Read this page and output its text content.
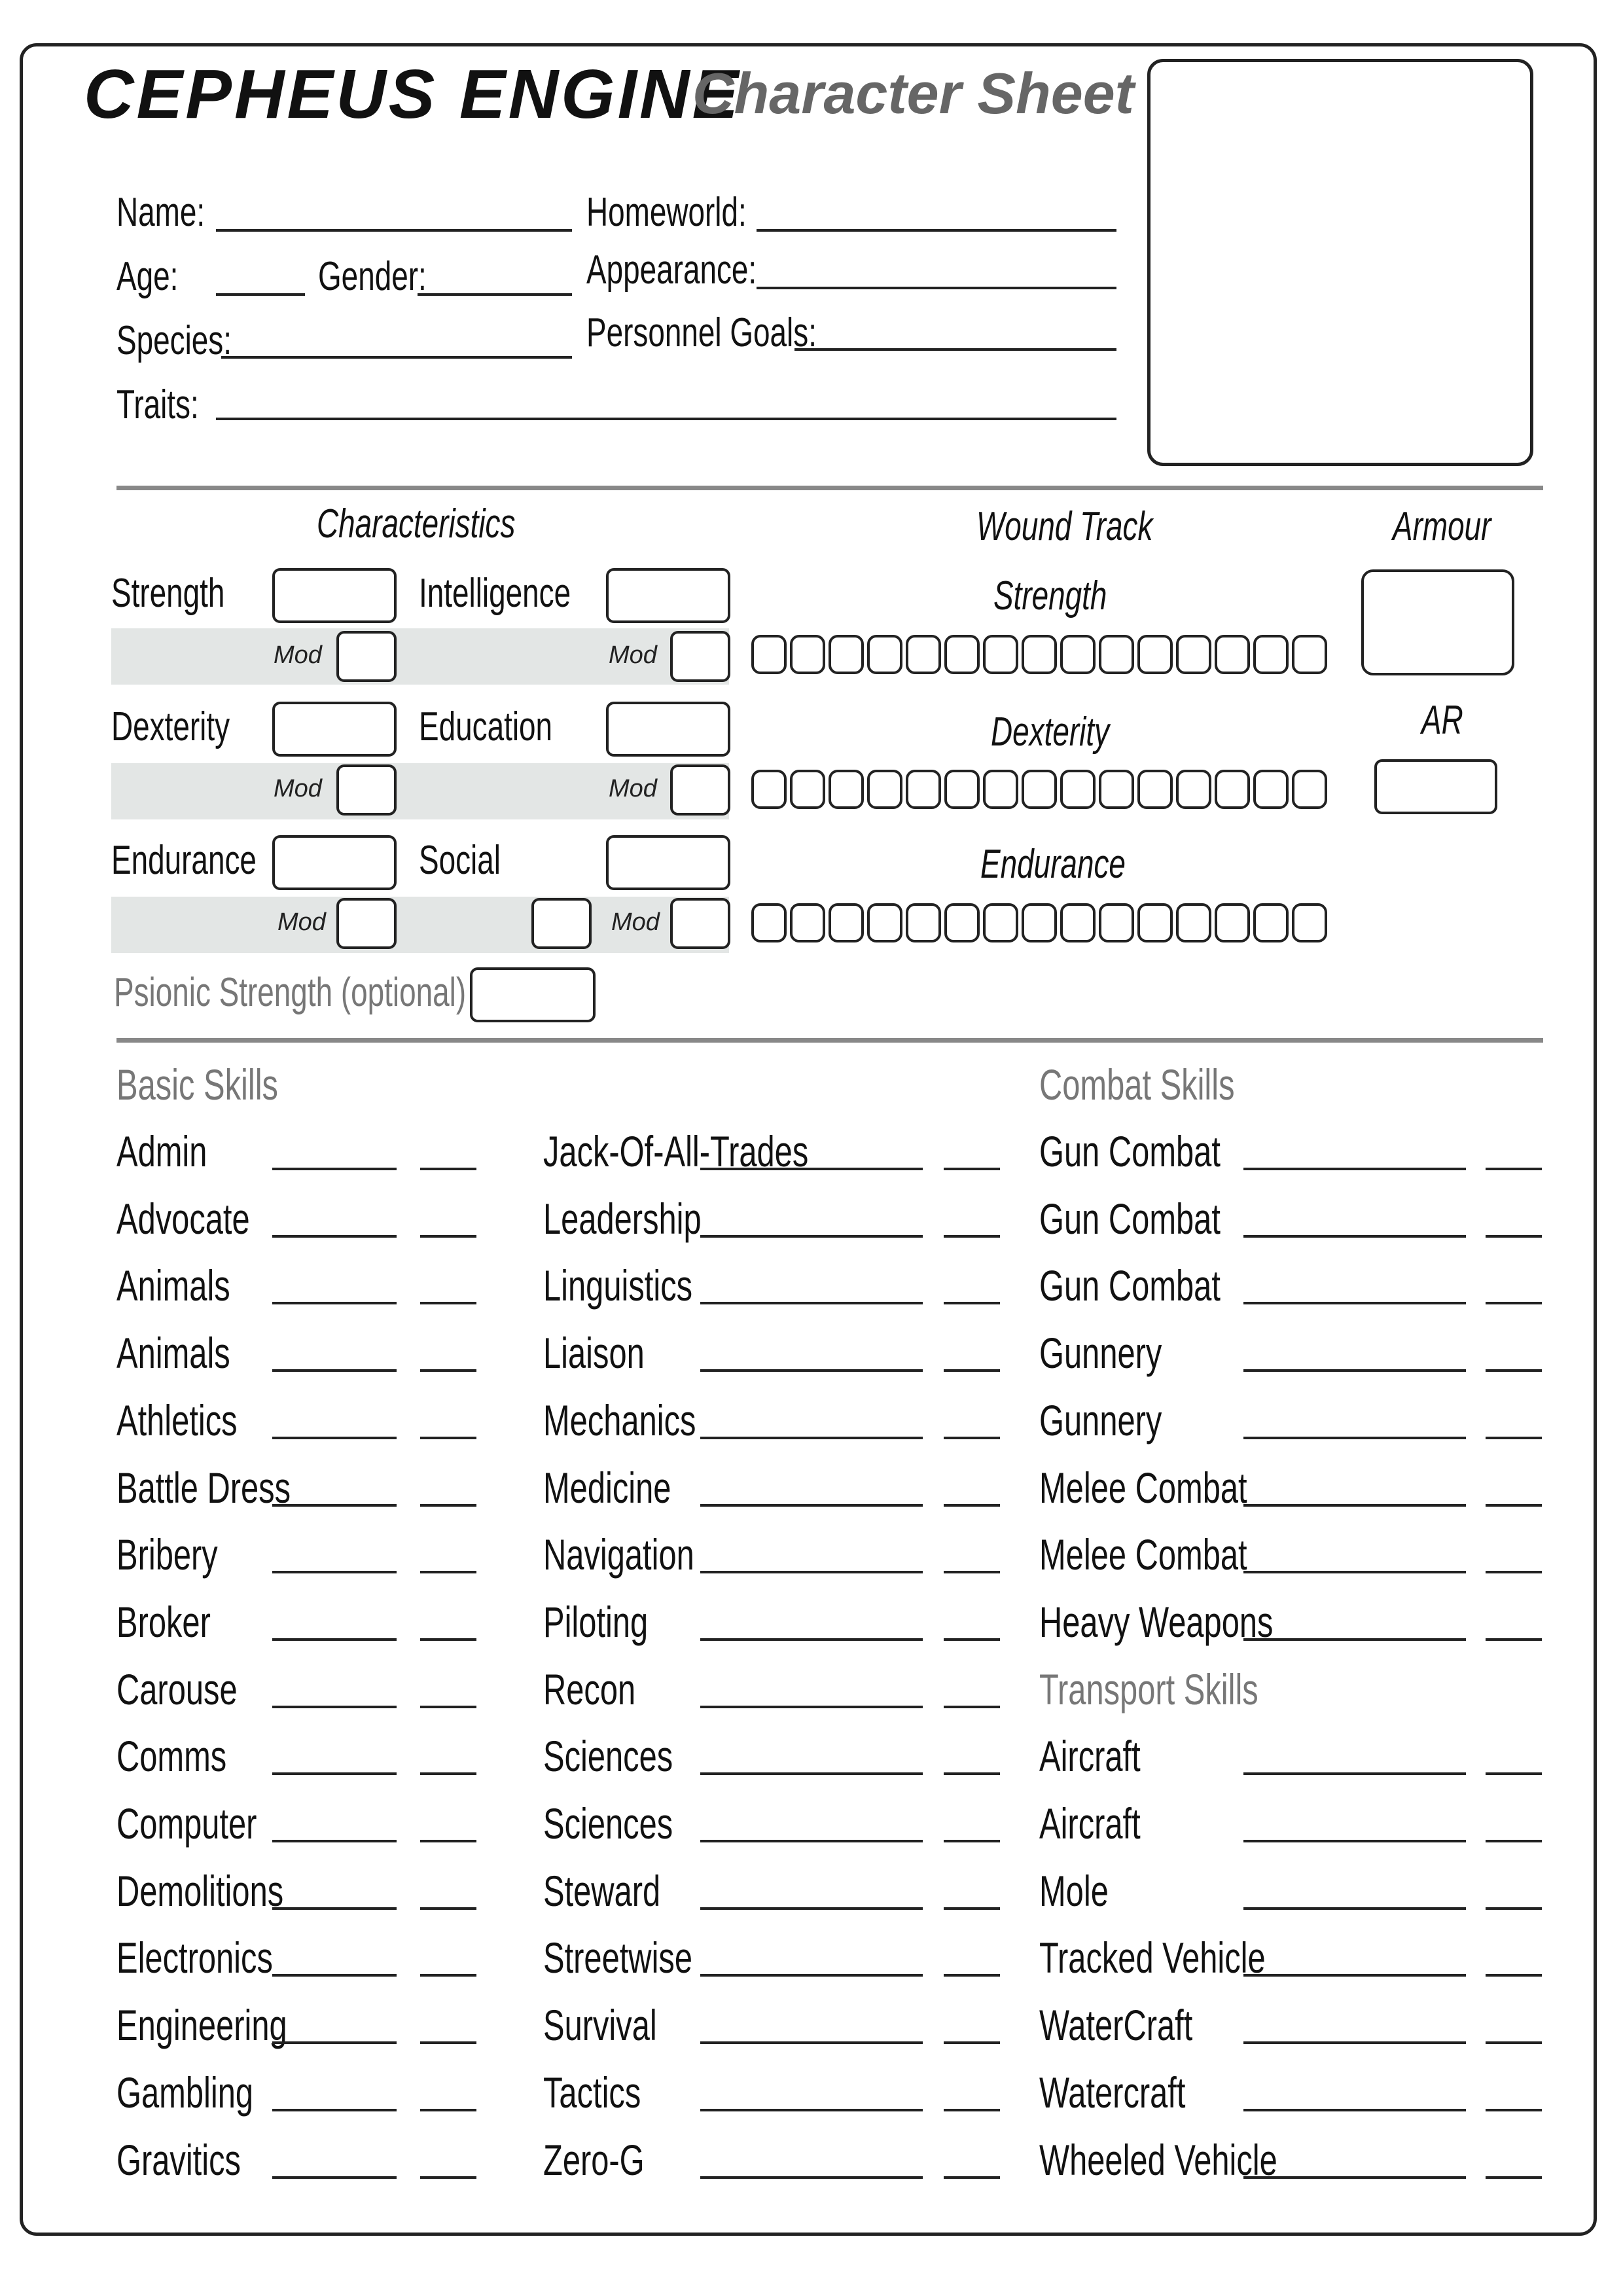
CEPHEUS ENGINE
Character Sheet
Name:
Age:	Gender:
Species:
Traits:
Homeworld:
Appearance:
Personnel Goals:
Characteristics	Wound Track	Armour
Strength	Intelligence
Mod	Mod
Dexterity	Education
Mod	Mod
Endurance	Social
Mod	Mod
Psionic Strength (optional)
Strength
Dexterity
Endurance
AR
Basic Skills	Combat Skills
Admin
Advocate
Animals
Animals
Athletics
Battle Dress
Bribery
Broker
Carouse
Comms
Computer
Demolitions
Electronics
Engineering
Gambling
Gravitics
Jack-Of-All-Trades
Leadership
Linguistics
Liaison
Mechanics
Medicine
Navigation
Piloting
Recon
Sciences
Sciences
Steward
Streetwise
Survival
Tactics
Zero-G
Gun Combat
Gun Combat
Gun Combat
Gunnery
Gunnery
Melee Combat
Melee Combat
Heavy Weapons
Transport Skills
Aircraft
Aircraft
Mole
Tracked Vehicle
WaterCraft
Watercraft
Wheeled Vehicle
